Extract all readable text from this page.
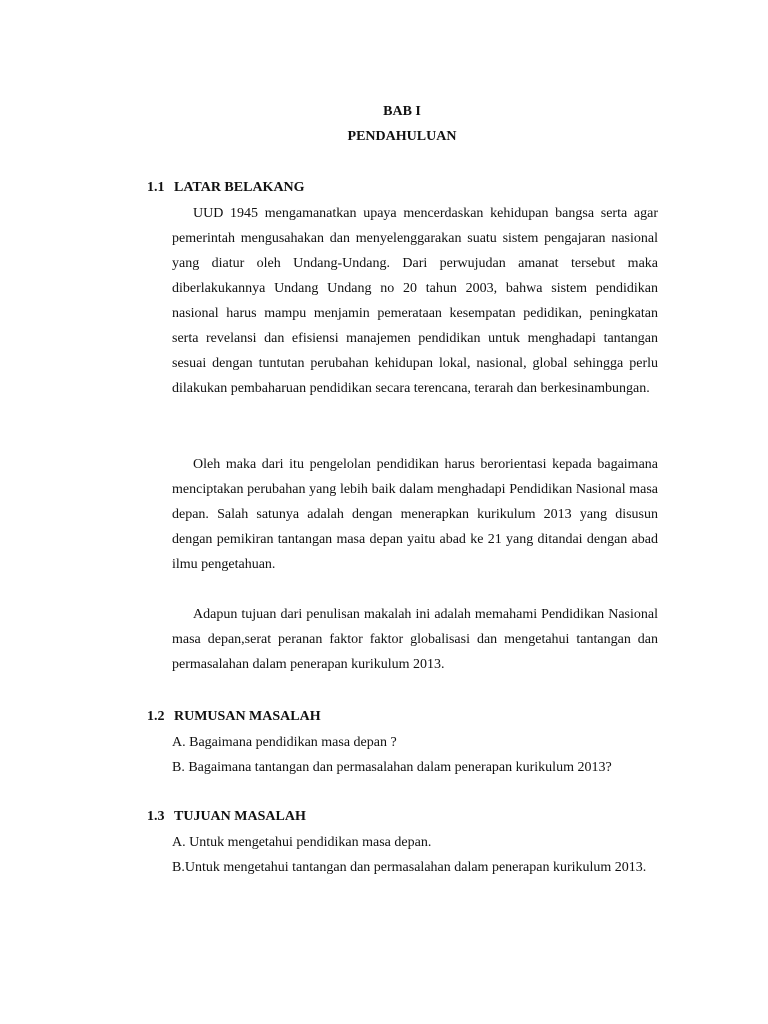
BAB I
PENDAHULUAN
1.1 LATAR BELAKANG

UUD 1945 mengamanatkan upaya mencerdaskan kehidupan bangsa serta agar pemerintah mengusahakan dan menyelenggarakan suatu sistem pengajaran nasional yang diatur oleh Undang-Undang. Dari perwujudan amanat tersebut maka diberlakukannya Undang Undang no 20 tahun 2003, bahwa sistem pendidikan nasional harus mampu menjamin pemerataan kesempatan pedidikan, peningkatan serta revelansi dan efisiensi manajemen pendidikan untuk menghadapi tantangan sesuai dengan tuntutan perubahan kehidupan lokal, nasional, global sehingga perlu dilakukan pembaharuan pendidikan secara terencana, terarah dan berkesinambungan.

Oleh maka dari itu pengelolan pendidikan harus berorientasi kepada bagaimana menciptakan perubahan yang lebih baik dalam menghadapi Pendidikan Nasional masa depan. Salah satunya adalah dengan menerapkan kurikulum 2013 yang disusun dengan pemikiran tantangan masa depan yaitu abad ke 21 yang ditandai dengan abad ilmu pengetahuan.

Adapun tujuan dari penulisan makalah ini adalah memahami Pendidikan Nasional masa depan,serat peranan faktor faktor globalisasi dan mengetahui tantangan dan permasalahan dalam penerapan kurikulum 2013.

1.2 RUMUSAN MASALAH

A. Bagaimana pendidikan masa depan ?

B. Bagaimana tantangan dan permasalahan dalam penerapan kurikulum 2013?

1.3 TUJUAN MASALAH

A. Untuk mengetahui pendidikan masa depan.

B.Untuk mengetahui tantangan dan permasalahan dalam penerapan kurikulum 2013.
